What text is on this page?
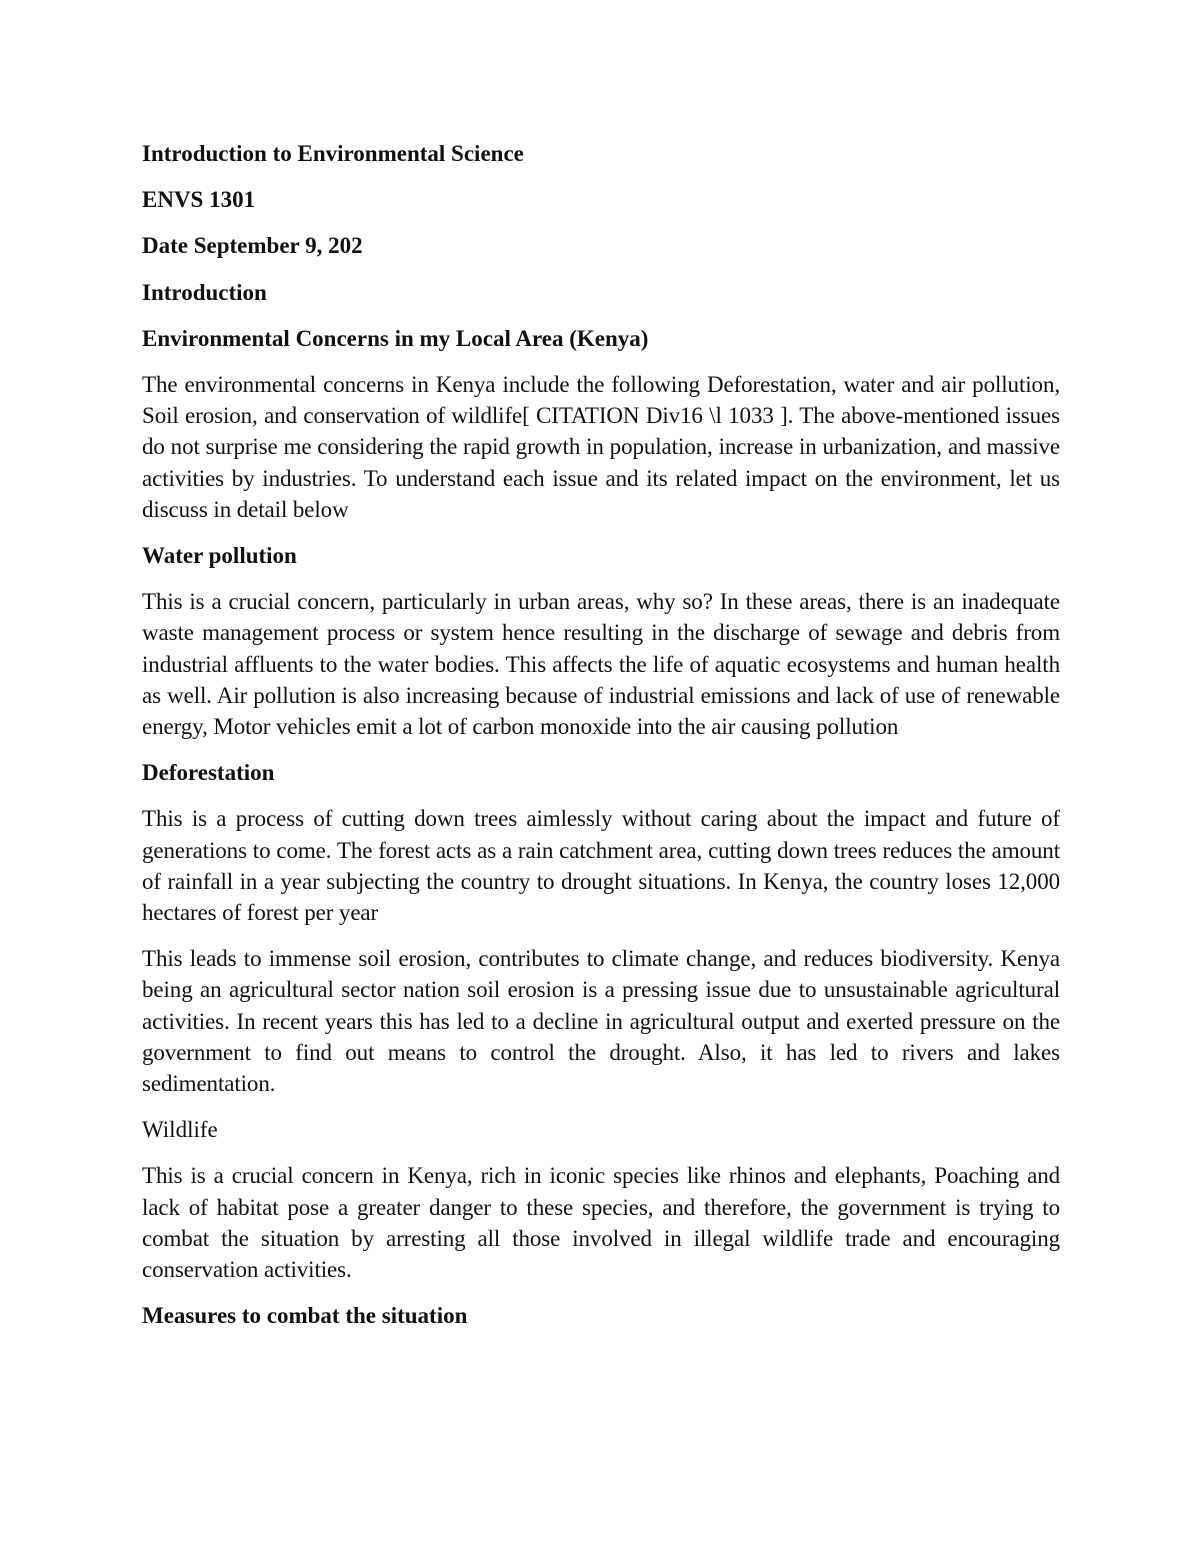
Introduction to Environmental Science

ENVS 1301

Date September 9, 202

Introduction

Environmental Concerns in my Local Area (Kenya)

The environmental concerns in Kenya include the following Deforestation, water and air pollution, Soil erosion, and conservation of wildlife[ CITATION Div16 \l 1033 ]. The above-mentioned issues do not surprise me considering the rapid growth in population, increase in urbanization, and massive activities by industries. To understand each issue and its related impact on the environment, let us discuss in detail below

Water pollution

This is a crucial concern, particularly in urban areas, why so? In these areas, there is an inadequate waste management process or system hence resulting in the discharge of sewage and debris from industrial affluents to the water bodies. This affects the life of aquatic ecosystems and human health as well. Air pollution is also increasing because of industrial emissions and lack of use of renewable energy, Motor vehicles emit a lot of carbon monoxide into the air causing pollution

Deforestation

This is a process of cutting down trees aimlessly without caring about the impact and future of generations to come. The forest acts as a rain catchment area, cutting down trees reduces the amount of rainfall in a year subjecting the country to drought situations. In Kenya, the country loses 12,000 hectares of forest per year

This leads to immense soil erosion, contributes to climate change, and reduces biodiversity. Kenya being an agricultural sector nation soil erosion is a pressing issue due to unsustainable agricultural activities. In recent years this has led to a decline in agricultural output and exerted pressure on the government to find out means to control the drought. Also, it has led to rivers and lakes sedimentation.

Wildlife

This is a crucial concern in Kenya, rich in iconic species like rhinos and elephants, Poaching and lack of habitat pose a greater danger to these species, and therefore, the government is trying to combat the situation by arresting all those involved in illegal wildlife trade and encouraging conservation activities.

Measures to combat the situation
